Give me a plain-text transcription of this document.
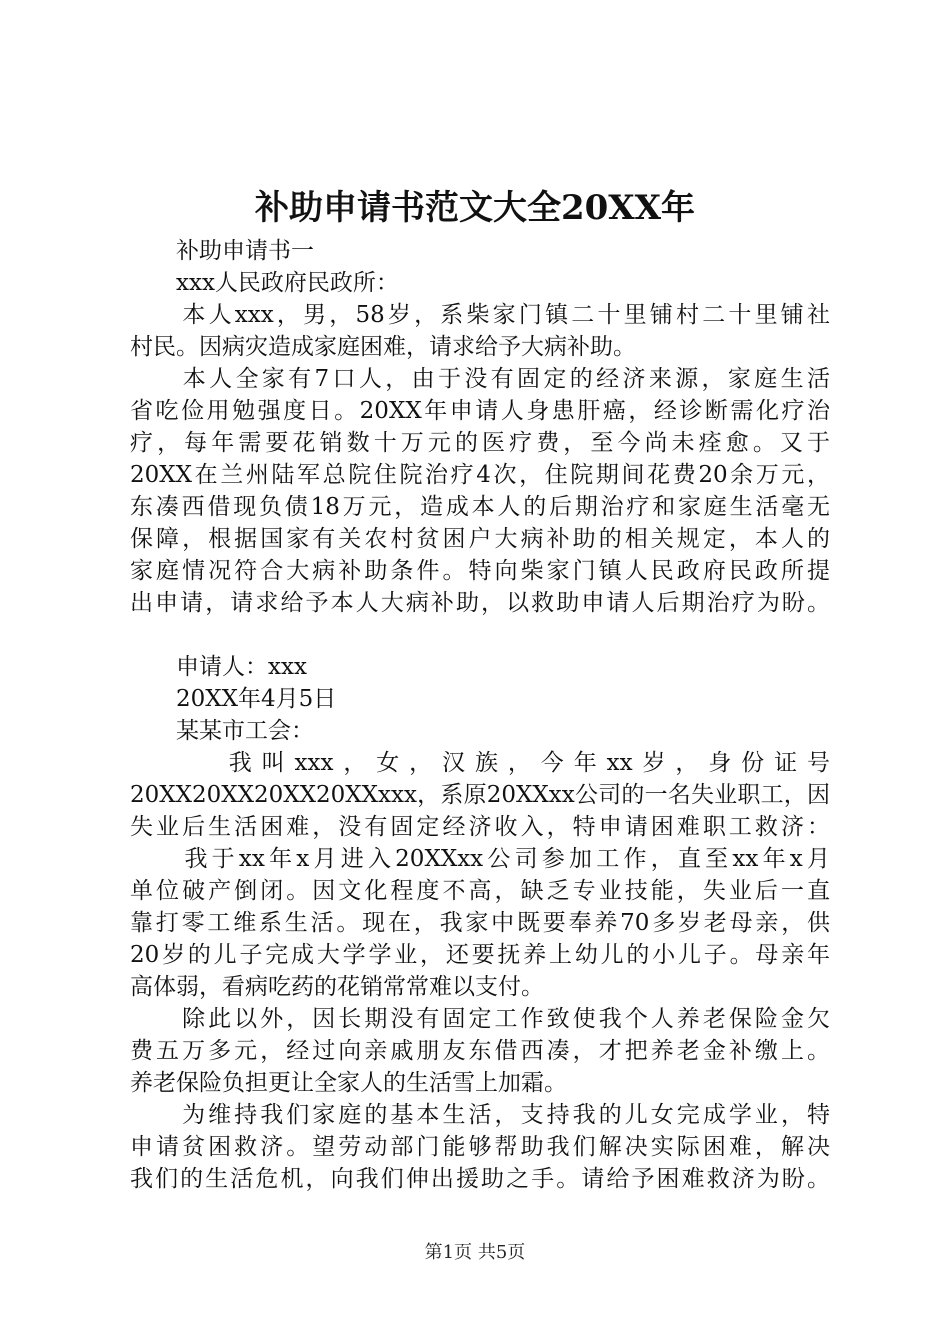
补助申请书范文大全20XX年

　　补助申请书一

　　xxx人民政府民政所：

　　本人xxx，男，58岁，系柴家门镇二十里铺村二十里铺社

村民。因病灾造成家庭困难，请求给予大病补助。

　　本人全家有7口人，由于没有固定的经济来源，家庭生活

省吃俭用勉强度日。20XX年申请人身患肝癌，经诊断需化疗治

疗，每年需要花销数十万元的医疗费，至今尚未痊愈。又于

20XX在兰州陆军总院住院治疗4次，住院期间花费20余万元，

东凑西借现负债18万元，造成本人的后期治疗和家庭生活毫无

保障，根据国家有关农村贫困户大病补助的相关规定，本人的

家庭情况符合大病补助条件。特向柴家门镇人民政府民政所提

出申请，请求给予本人大病补助，以救助申请人后期治疗为盼。

　　申请人：xxx

　　20XX年4月5日

　　某某市工会：

　　　我叫xxx，女，汉族，今年xx岁，身份证号

20XX20XX20XX20XXxxx，系原20XXxx公司的一名失业职工，因

失业后生活困难，没有固定经济收入，特申请困难职工救济：

　　我于xx年x月进入20XXxx公司参加工作，直至xx年x月

单位破产倒闭。因文化程度不高，缺乏专业技能，失业后一直

靠打零工维系生活。现在，我家中既要奉养70多岁老母亲，供

20岁的儿子完成大学学业，还要抚养上幼儿的小儿子。母亲年

高体弱，看病吃药的花销常常难以支付。

　　除此以外，因长期没有固定工作致使我个人养老保险金欠

费五万多元，经过向亲戚朋友东借西凑，才把养老金补缴上。

养老保险负担更让全家人的生活雪上加霜。

　　为维持我们家庭的基本生活，支持我的儿女完成学业，特

申请贫困救济。望劳动部门能够帮助我们解决实际困难，解决

我们的生活危机，向我们伸出援助之手。请给予困难救济为盼。

第1页 共5页
